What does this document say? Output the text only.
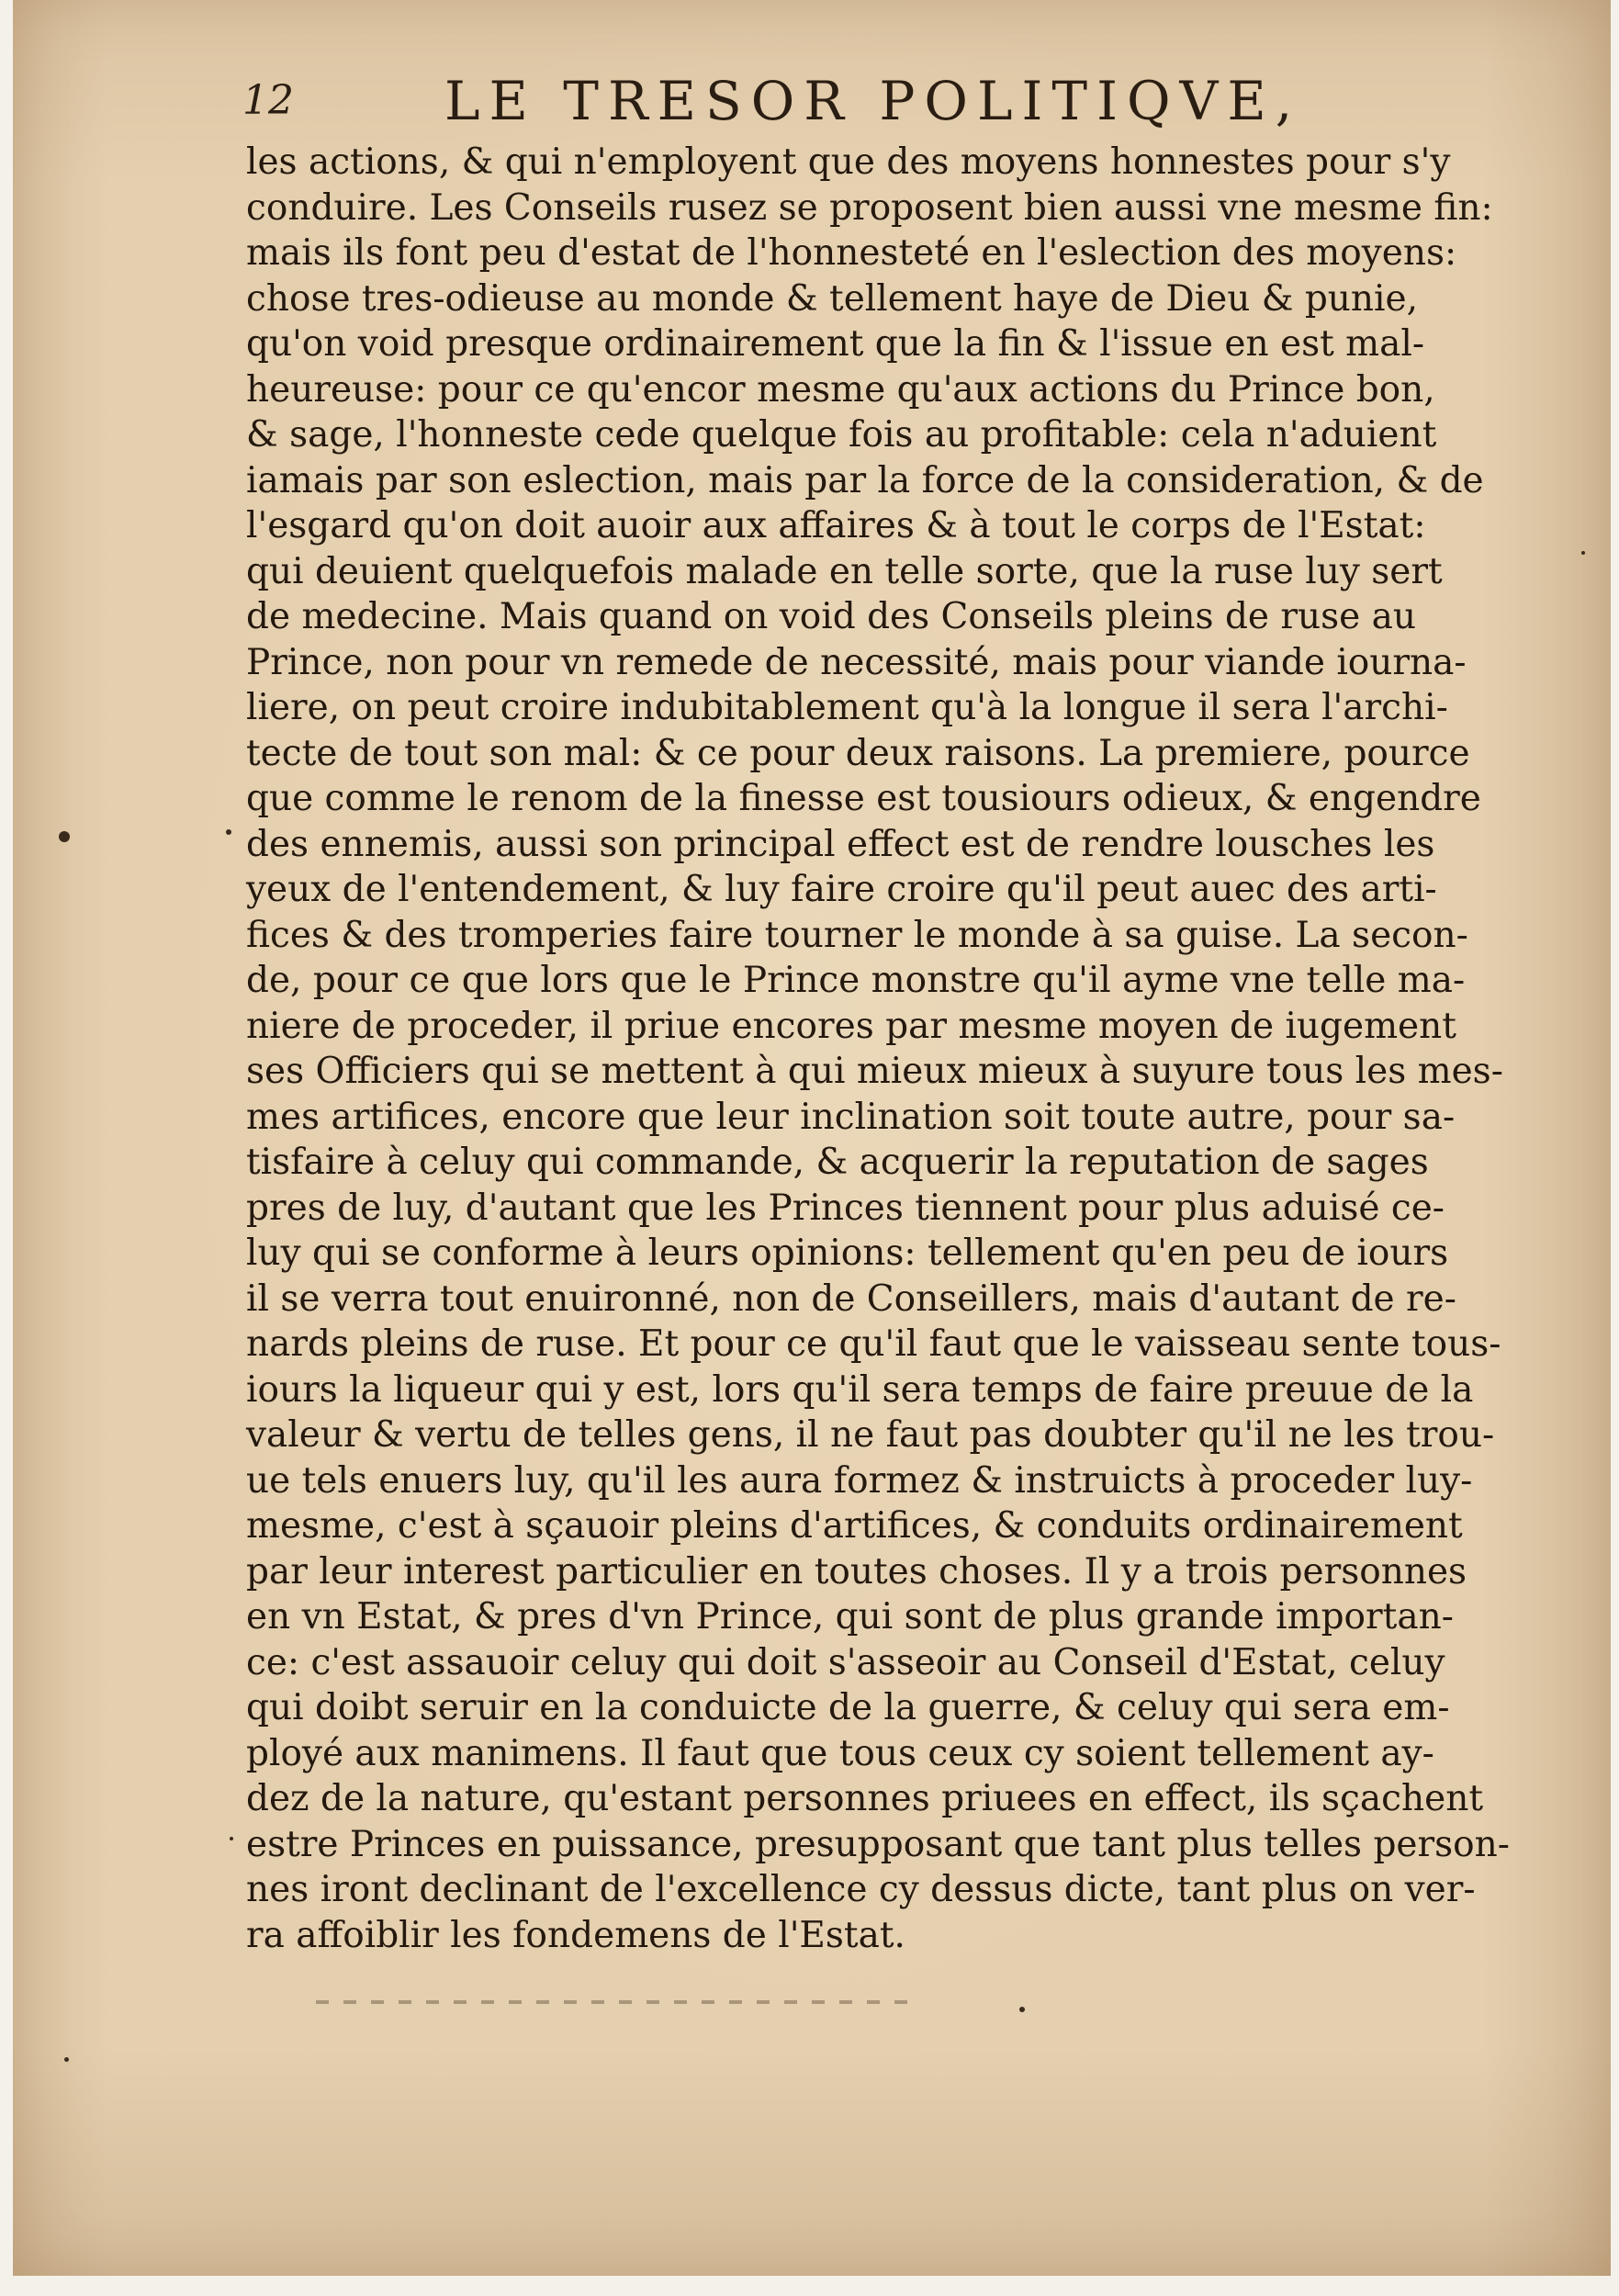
12	LE TRESOR POLITIQVE,
les actions, & qui n'employent que des moyens honnestes pour s'y
conduire. Les Conseils rusez se proposent bien aussi vne mesme fin:
mais ils font peu d'estat de l'honnesteté en l'eslection des moyens:
chose tres-odieuse au monde & tellement haye de Dieu & punie,
qu'on void presque ordinairement que la fin & l'issue en est mal-
heureuse: pour ce qu'encor mesme qu'aux actions du Prince bon,
& sage, l'honneste cede quelque fois au profitable: cela n'aduient
iamais par son eslection, mais par la force de la consideration, & de
l'esgard qu'on doit auoir aux affaires & à tout le corps de l'Estat:
qui deuient quelquefois malade en telle sorte, que la ruse luy sert
de medecine. Mais quand on void des Conseils pleins de ruse au
Prince, non pour vn remede de necessité, mais pour viande iourna-
liere, on peut croire indubitablement qu'à la longue il sera l'archi-
tecte de tout son mal: & ce pour deux raisons. La premiere, pource
que comme le renom de la finesse est tousiours odieux, & engendre
des ennemis, aussi son principal effect est de rendre lousches les
yeux de l'entendement, & luy faire croire qu'il peut auec des arti-
fices & des tromperies faire tourner le monde à sa guise. La secon-
de, pour ce que lors que le Prince monstre qu'il ayme vne telle ma-
niere de proceder, il priue encores par mesme moyen de iugement
ses Officiers qui se mettent à qui mieux mieux à suyure tous les mes-
mes artifices, encore que leur inclination soit toute autre, pour sa-
tisfaire à celuy qui commande, & acquerir la reputation de sages
pres de luy, d'autant que les Princes tiennent pour plus aduisé ce-
luy qui se conforme à leurs opinions: tellement qu'en peu de iours
il se verra tout enuironné, non de Conseillers, mais d'autant de re-
nards pleins de ruse. Et pour ce qu'il faut que le vaisseau sente tous-
iours la liqueur qui y est, lors qu'il sera temps de faire preuue de la
valeur & vertu de telles gens, il ne faut pas doubter qu'il ne les trou-
ue tels enuers luy, qu'il les aura formez & instruicts à proceder luy-
mesme, c'est à sçauoir pleins d'artifices, & conduits ordinairement
par leur interest particulier en toutes choses. Il y a trois personnes
en vn Estat, & pres d'vn Prince, qui sont de plus grande importan-
ce: c'est assauoir celuy qui doit s'asseoir au Conseil d'Estat, celuy
qui doibt seruir en la conduicte de la guerre, & celuy qui sera em-
ployé aux manimens. Il faut que tous ceux cy soient tellement ay-
dez de la nature, qu'estant personnes priuees en effect, ils sçachent
estre Princes en puissance, presupposant que tant plus telles person-
nes iront declinant de l'excellence cy dessus dicte, tant plus on ver-
ra affoiblir les fondemens de l'Estat.
